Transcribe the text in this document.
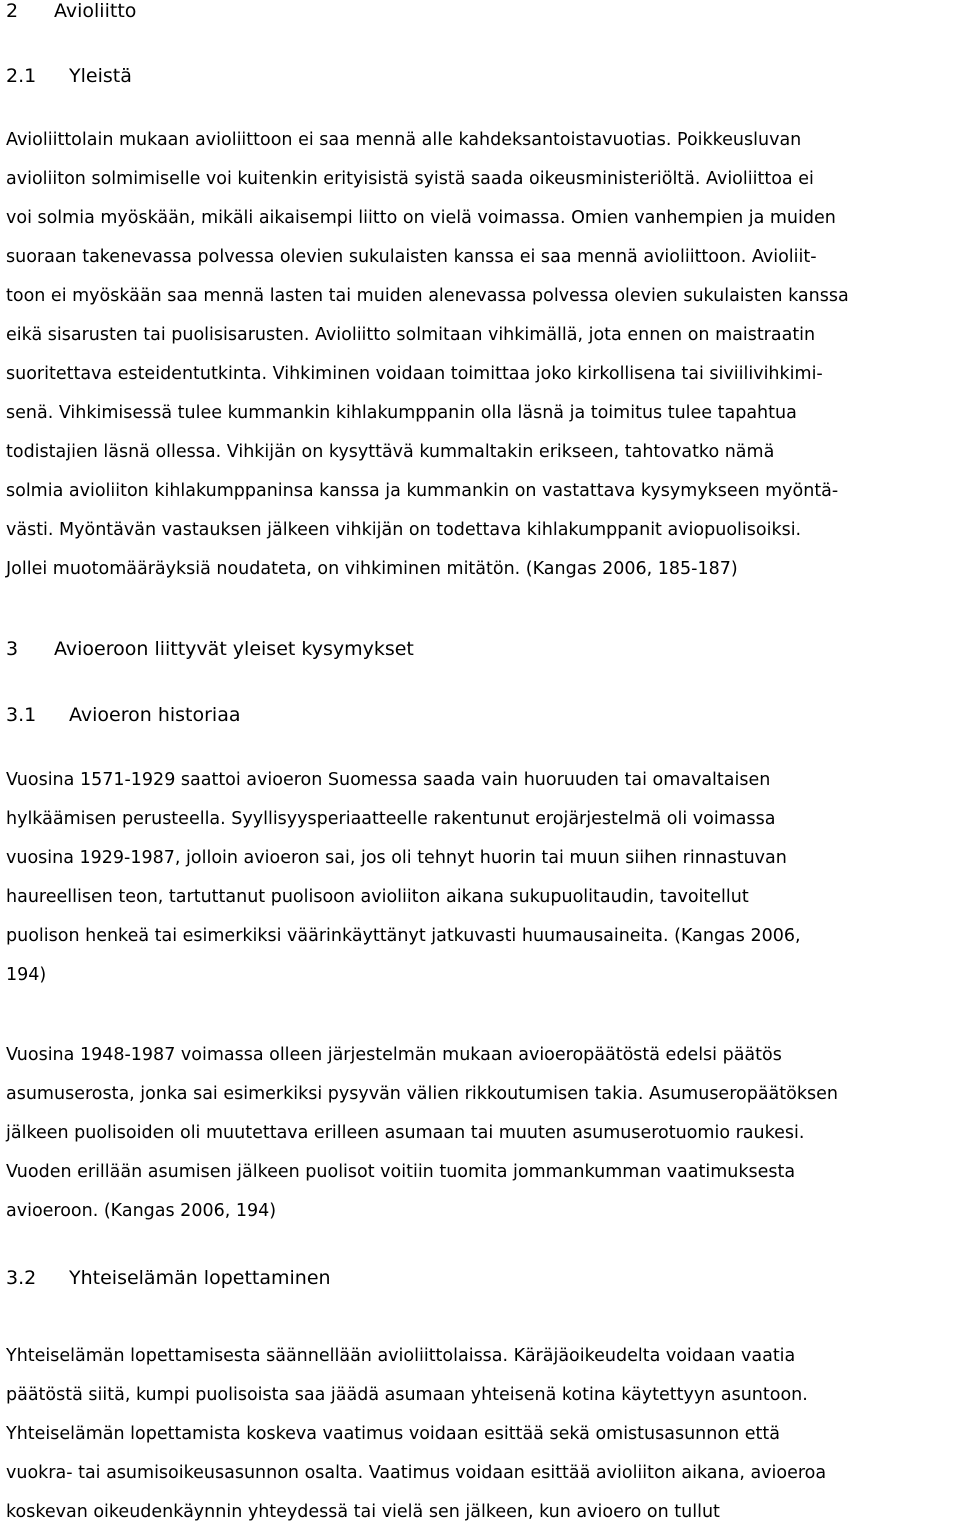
2 Avioliitto
2.1 Yleistä
Avioliittolain mukaan avioliittoon ei saa mennä alle kahdeksantoistavuotias. Poikkeusluvan
avioliiton solmimiselle voi kuitenkin erityisistä syistä saada oikeusministeriöltä. Avioliittoa ei
voi solmia myöskään, mikäli aikaisempi liitto on vielä voimassa. Omien vanhempien ja muiden
suoraan takenevassa polvessa olevien sukulaisten kanssa ei saa mennä avioliittoon. Avioliit-
toon ei myöskään saa mennä lasten tai muiden alenevassa polvessa olevien sukulaisten kanssa
eikä sisarusten tai puolisisarusten. Avioliitto solmitaan vihkimällä, jota ennen on maistraatin
suoritettava esteidentutkinta. Vihkiminen voidaan toimittaa joko kirkollisena tai siviilivihkimi-
senä. Vihkimisessä tulee kummankin kihlakumppanin olla läsnä ja toimitus tulee tapahtua
todistajien läsnä ollessa. Vihkijän on kysyttävä kummaltakin erikseen, tahtovatko nämä
solmia avioliiton kihlakumppaninsa kanssa ja kummankin on vastattava kysymykseen myöntä-
västi. Myöntävän vastauksen jälkeen vihkijän on todettava kihlakumppanit aviopuolisoiksi.
Jollei muotomääräyksiä noudateta, on vihkiminen mitätön. (Kangas 2006, 185-187)
3 Avioeroon liittyvät yleiset kysymykset
3.1 Avioeron historiaa
Vuosina 1571-1929 saattoi avioeron Suomessa saada vain huoruuden tai omavaltaisen
hylkäämisen perusteella. Syyllisyysperiaatteelle rakentunut erojärjestelmä oli voimassa
vuosina 1929-1987, jolloin avioeron sai, jos oli tehnyt huorin tai muun siihen rinnastuvan
haureellisen teon, tartuttanut puolisoon avioliiton aikana sukupuolitaudin, tavoitellut
puolison henkeä tai esimerkiksi väärinkäyttänyt jatkuvasti huumausaineita. (Kangas 2006,
194)
Vuosina 1948-1987 voimassa olleen järjestelmän mukaan avioeropäätöstä edelsi päätös
asumuserosta, jonka sai esimerkiksi pysyvän välien rikkoutumisen takia. Asumuseropäätöksen
jälkeen puolisoiden oli muutettava erilleen asumaan tai muuten asumuserotuomio raukesi.
Vuoden erillään asumisen jälkeen puolisot voitiin tuomita jommankumman vaatimuksesta
avioeroon. (Kangas 2006, 194)
3.2 Yhteiselämän lopettaminen
Yhteiselämän lopettamisesta säännellään avioliittolaissa. Käräjäoikeudelta voidaan vaatia
päätöstä siitä, kumpi puolisoista saa jäädä asumaan yhteisenä kotina käytettyyn asuntoon.
Yhteiselämän lopettamista koskeva vaatimus voidaan esittää sekä omistusasunnon että
vuokra- tai asumisoikeusasunnon osalta. Vaatimus voidaan esittää avioliiton aikana, avioeroa
koskevan oikeudenkäynnin yhteydessä tai vielä sen jälkeen, kun avioero on tullut
